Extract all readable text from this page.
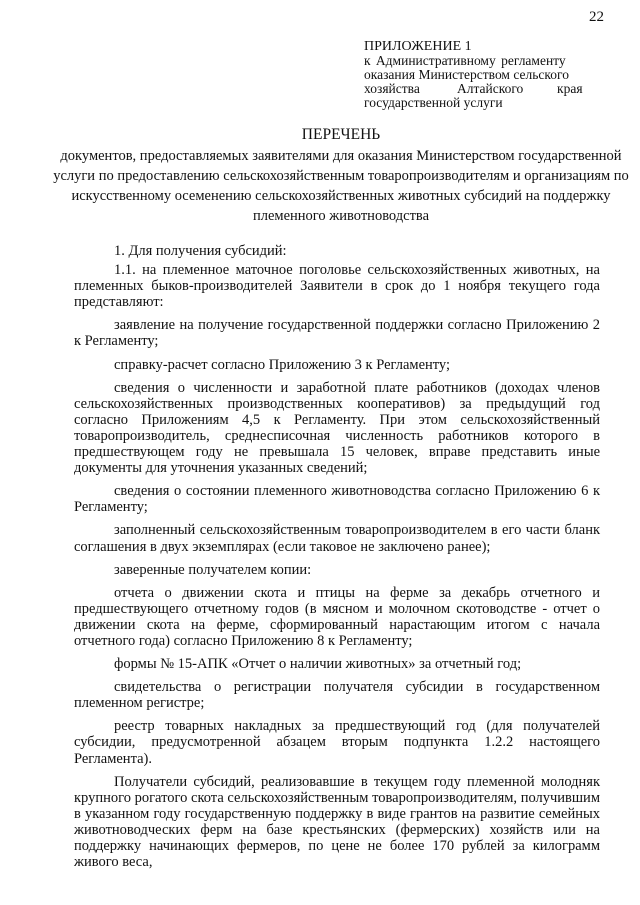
22
ПРИЛОЖЕНИЕ 1
к Административному регламенту
оказания Министерством сельского
хозяйства           Алтайского          края
государственной услуги
ПЕРЕЧЕНЬ
документов, предоставляемых заявителями для оказания Министерством государственной услуги по предоставлению сельскохозяйственным товаропроизводителям и организациям по искусственному осеменению сельскохозяйственных животных субсидий на поддержку племенного животноводства

1. Для получения субсидий:

1.1. на племенное маточное поголовье сельскохозяйственных животных, на племенных быков-производителей Заявители в срок до 1 ноября текущего года представляют:

заявление на получение государственной поддержки согласно Приложению 2 к Регламенту;

справку-расчет согласно Приложению 3 к Регламенту;

сведения о численности и заработной плате работников (доходах членов сельскохозяйственных производственных кооперативов) за предыдущий год согласно Приложениям 4,5 к Регламенту. При этом сельскохозяйственный товаропроизводитель, среднесписочная численность работников которого в предшествующем году не превышала 15 человек, вправе представить иные документы для уточнения указанных сведений;

сведения о состоянии племенного животноводства согласно Приложению 6 к Регламенту;

заполненный сельскохозяйственным товаропроизводителем в его части бланк соглашения в двух экземплярах (если таковое не заключено ранее);

заверенные получателем копии:

отчета о движении скота и птицы на ферме за декабрь отчетного и предшествующего отчетному годов (в мясном и молочном скотоводстве - отчет о движении скота на ферме, сформированный нарастающим итогом с начала отчетного года) согласно Приложению 8 к Регламенту;

формы № 15-АПК «Отчет о наличии животных» за отчетный год;

свидетельства о регистрации получателя субсидии в государственном племенном регистре;

реестр товарных накладных за предшествующий год (для получателей субсидии, предусмотренной абзацем вторым подпункта 1.2.2 настоящего Регламента).

Получатели субсидий, реализовавшие в текущем году племенной молодняк крупного рогатого скота сельскохозяйственным товаропроизводителям, получившим в указанном году государственную поддержку в виде грантов на развитие семейных животноводческих ферм на базе крестьянских (фермерских) хозяйств или на поддержку начинающих фермеров, по цене не более 170 рублей за килограмм живого веса,
